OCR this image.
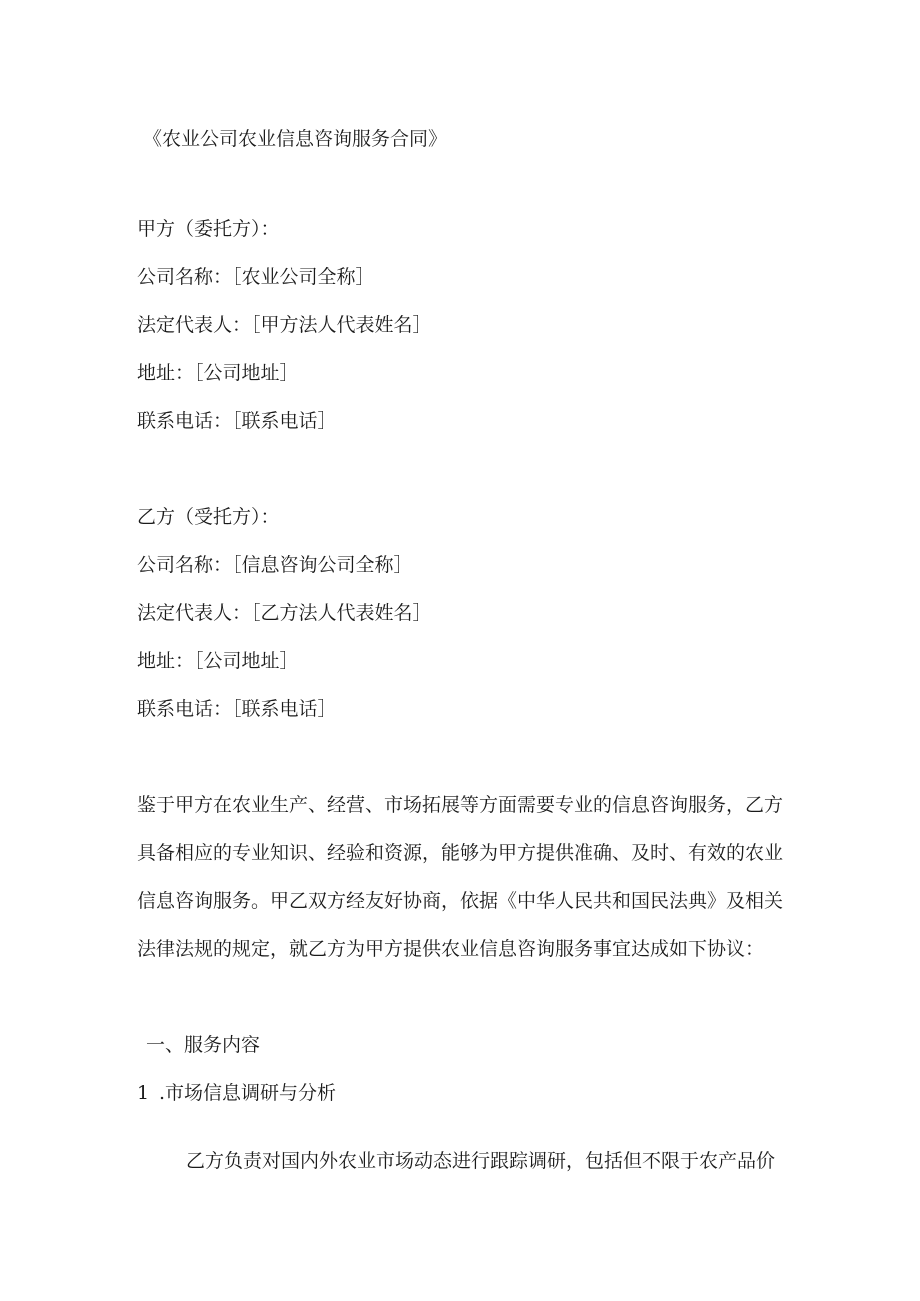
《农业公司农业信息咨询服务合同》
甲方（委托方）：
公司名称：［农业公司全称］
法定代表人：［甲方法人代表姓名］
地址：［公司地址］
联系电话：［联系电话］
乙方（受托方）：
公司名称：［信息咨询公司全称］
法定代表人：［乙方法人代表姓名］
地址：［公司地址］
联系电话：［联系电话］
鉴于甲方在农业生产、经营、市场拓展等方面需要专业的信息咨询服务，乙方
具备相应的专业知识、经验和资源，能够为甲方提供准确、及时、有效的农业
信息咨询服务。甲乙双方经友好协商，依据《中华人民共和国民法典》及相关
法律法规的规定，就乙方为甲方提供农业信息咨询服务事宜达成如下协议：
一、服务内容
1 .市场信息调研与分析
乙方负责对国内外农业市场动态进行跟踪调研，包括但不限于农产品价
